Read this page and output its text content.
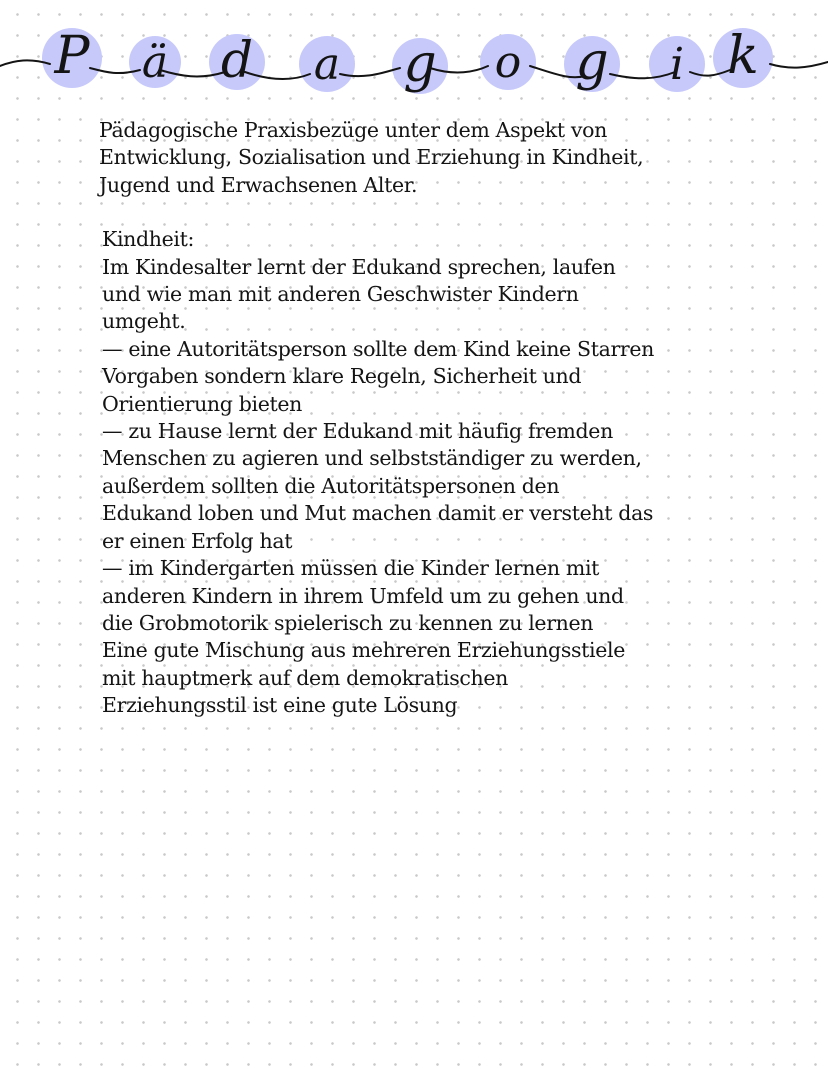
P ä d a g o g i k

Pädagogische Praxisbezüge unter dem Aspekt von
Entwicklung, Sozialisation und Erziehung in Kindheit,
Jugend und Erwachsenen Alter.

Kindheit:
Im Kindesalter lernt der Edukand sprechen, laufen
und wie man mit anderen Geschwister Kindern
umgeht.
— eine Autoritätsperson sollte dem Kind keine Starren
Vorgaben sondern klare Regeln, Sicherheit und
Orientierung bieten
— zu Hause lernt der Edukand mit häufig fremden
Menschen zu agieren und selbstständiger zu werden,
außerdem sollten die Autoritätspersonen den
Edukand loben und Mut machen damit er versteht das
er einen Erfolg hat
— im Kindergarten müssen die Kinder lernen mit
anderen Kindern in ihrem Umfeld um zu gehen und
die Grobmotorik spielerisch zu kennen zu lernen

Eine gute Mischung aus mehreren Erziehungsstiele
mit hauptmerk auf dem demokratischen
Erziehungsstil ist eine gute Lösung
